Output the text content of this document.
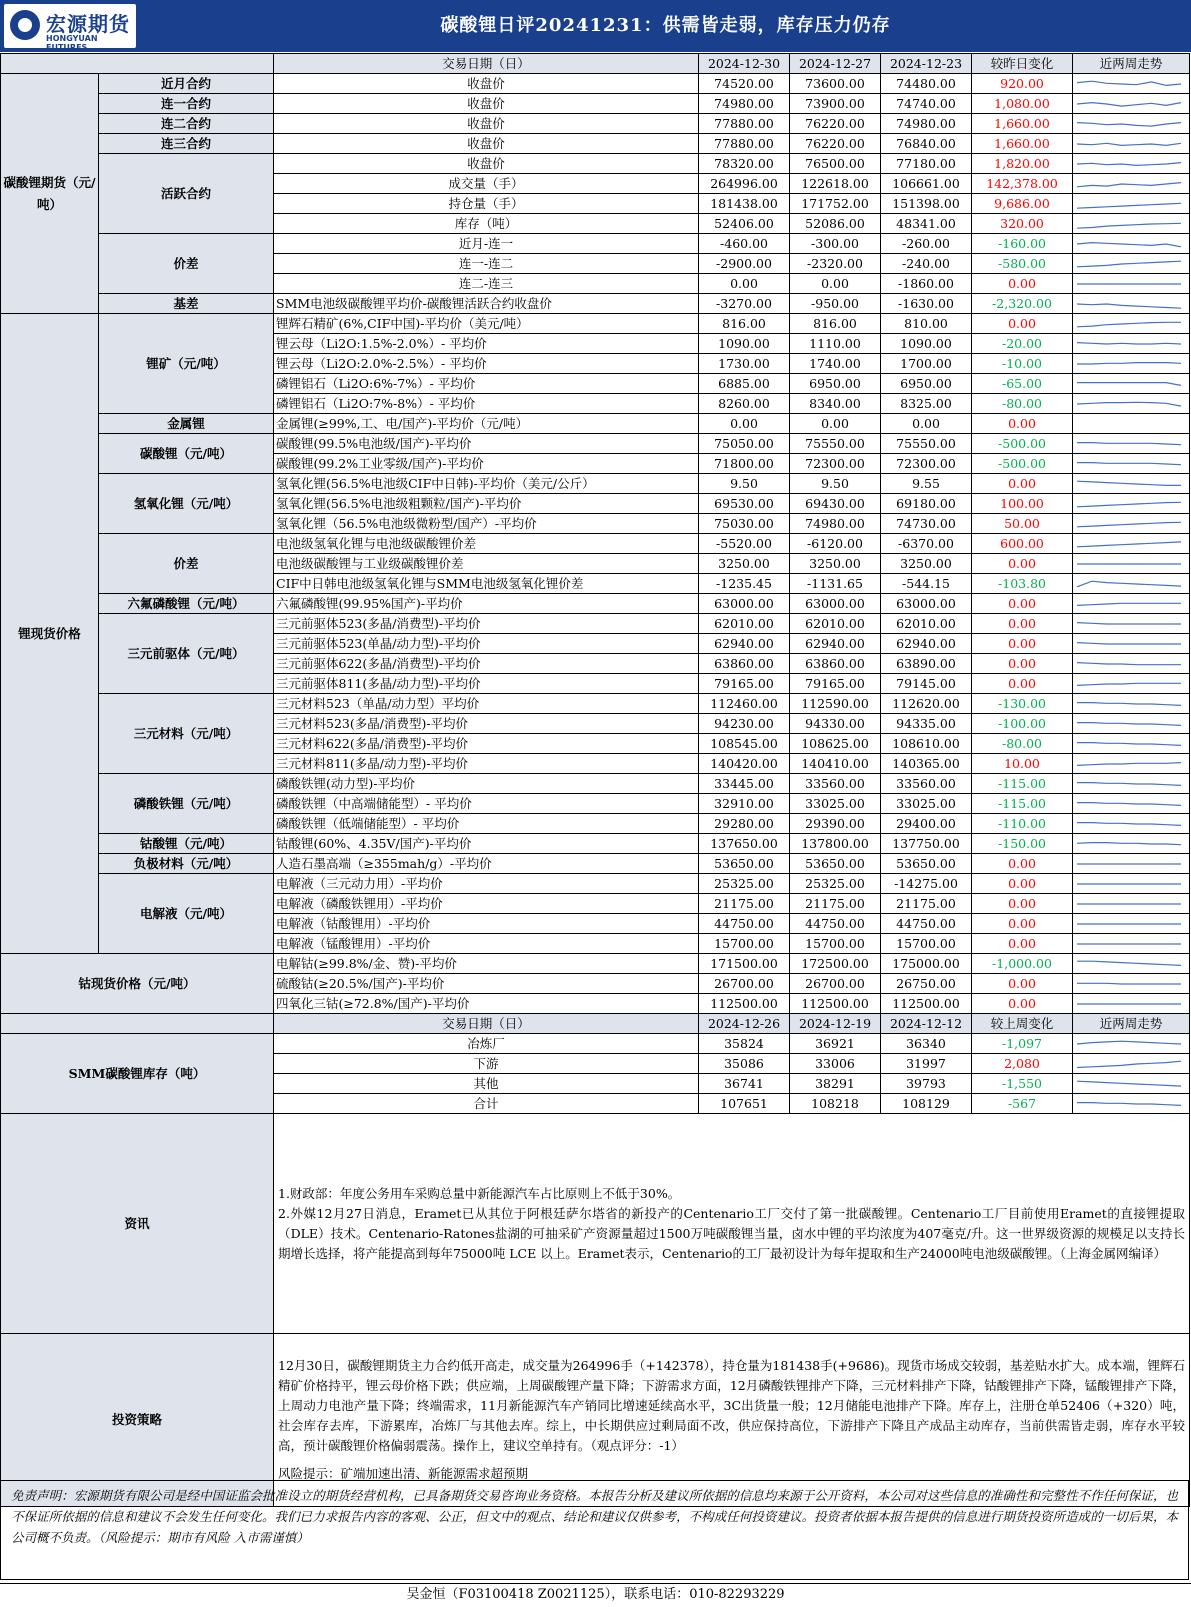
宏源期货
HONGYUAN FUTURES
碳酸锂日评20241231：供需皆走弱，库存压力仍存
		交易日期（日）	2024-12-30	2024-12-27	2024-12-23	较昨日变化	近两周走势
碳酸锂期货（元/吨）	近月合约	收盘价	74520.00	73600.00	74480.00	920.00	

	连一合约	收盘价	74980.00	73900.00	74740.00	1,080.00	

	连二合约	收盘价	77880.00	76220.00	74980.00	1,660.00	

	连三合约	收盘价	77880.00	76220.00	76840.00	1,660.00	

	活跃合约	收盘价	78320.00	76500.00	77180.00	1,820.00	

		成交量（手）	264996.00	122618.00	106661.00	142,378.00	

		持仓量（手）	181438.00	171752.00	151398.00	9,686.00	

		库存（吨）	52406.00	52086.00	48341.00	320.00	

	价差	近月-连一	-460.00	-300.00	-260.00	-160.00	

		连一-连二	-2900.00	-2320.00	-240.00	-580.00	

		连二-连三	0.00	0.00	-1860.00	0.00	

	基差	SMM电池级碳酸锂平均价-碳酸锂活跃合约收盘价	-3270.00	-950.00	-1630.00	-2,320.00	

锂现货价格	锂矿（元/吨）	锂辉石精矿(6%,CIF中国)-平均价（美元/吨）	816.00	816.00	810.00	0.00	

		锂云母（Li2O:1.5%-2.0%）- 平均价	1090.00	1110.00	1090.00	-20.00	

		锂云母（Li2O:2.0%-2.5%）- 平均价	1730.00	1740.00	1700.00	-10.00	

		磷锂铝石（Li2O:6%-7%）- 平均价	6885.00	6950.00	6950.00	-65.00	

		磷锂铝石（Li2O:7%-8%）- 平均价	8260.00	8340.00	8325.00	-80.00	

	金属锂	金属锂(≥99%,工、电/国产)-平均价（元/吨）	0.00	0.00	0.00	0.00	
	碳酸锂（元/吨）	碳酸锂(99.5%电池级/国产)-平均价	75050.00	75550.00	75550.00	-500.00	

		碳酸锂(99.2%工业零级/国产)-平均价	71800.00	72300.00	72300.00	-500.00	

	氢氧化锂（元/吨）	氢氧化锂(56.5%电池级CIF中日韩)-平均价（美元/公斤）	9.50	9.50	9.55	0.00	

		氢氧化锂(56.5%电池级粗颗粒/国产)-平均价	69530.00	69430.00	69180.00	100.00	

		氢氧化锂（56.5%电池级微粉型/国产）-平均价	75030.00	74980.00	74730.00	50.00	

	价差	电池级氢氧化锂与电池级碳酸锂价差	-5520.00	-6120.00	-6370.00	600.00	

		电池级碳酸锂与工业级碳酸锂价差	3250.00	3250.00	3250.00	0.00	

		CIF中日韩电池级氢氧化锂与SMM电池级氢氧化锂价差	-1235.45	-1131.65	-544.15	-103.80	

	六氟磷酸锂（元/吨）	六氟磷酸锂(99.95%国产)-平均价	63000.00	63000.00	63000.00	0.00	

	三元前驱体（元/吨）	三元前驱体523(多晶/消费型)-平均价	62010.00	62010.00	62010.00	0.00	

		三元前驱体523(单晶/动力型)-平均价	62940.00	62940.00	62940.00	0.00	

		三元前驱体622(多晶/消费型)-平均价	63860.00	63860.00	63890.00	0.00	

		三元前驱体811(多晶/动力型)-平均价	79165.00	79165.00	79145.00	0.00	

	三元材料（元/吨）	三元材料523（单晶/动力型）平均价	112460.00	112590.00	112620.00	-130.00	

		三元材料523(多晶/消费型)-平均价	94230.00	94330.00	94335.00	-100.00	

		三元材料622(多晶/消费型)-平均价	108545.00	108625.00	108610.00	-80.00	

		三元材料811(多晶/动力型)-平均价	140420.00	140410.00	140365.00	10.00	

	磷酸铁锂（元/吨）	磷酸铁锂(动力型)-平均价	33445.00	33560.00	33560.00	-115.00	

		磷酸铁锂（中高端储能型）- 平均价	32910.00	33025.00	33025.00	-115.00	

		磷酸铁锂（低端储能型）- 平均价	29280.00	29390.00	29400.00	-110.00	

	钴酸锂（元/吨）	钴酸锂(60%、4.35V/国产)-平均价	137650.00	137800.00	137750.00	-150.00	

	负极材料（元/吨）	人造石墨高端（≥355mah/g）-平均价	53650.00	53650.00	53650.00	0.00	

	电解液（元/吨）	电解液（三元动力用）-平均价	25325.00	25325.00	-14275.00	0.00	

		电解液（磷酸铁锂用）-平均价	21175.00	21175.00	21175.00	0.00	

		电解液（钴酸锂用）-平均价	44750.00	44750.00	44750.00	0.00	

		电解液（锰酸锂用）-平均价	15700.00	15700.00	15700.00	0.00	

钴现货价格（元/吨）		电解钴(≥99.8%/金、赞)-平均价	171500.00	172500.00	175000.00	-1,000.00	

		硫酸钴(≥20.5%/国产)-平均价	26700.00	26700.00	26750.00	0.00	

		四氧化三钴(≥72.8%/国产)-平均价	112500.00	112500.00	112500.00	0.00	

		交易日期（日）	2024-12-26	2024-12-19	2024-12-12	较上周变化	近两周走势
SMM碳酸锂库存（吨）		冶炼厂	35824	36921	36340	-1,097	

		下游	35086	33006	31997	2,080	

		其他	36741	38291	39793	-1,550	

		合计	107651	108218	108129	-567	

资讯		1.财政部：年度公务用车采购总量中新能源汽车占比原则上不低于30%。

2.外媒12月27日消息，Eramet已从其位于阿根廷萨尔塔省的新投产的Centenario工厂交付了第一批碳酸锂。Centenario工厂目前使用Eramet的直接锂提取（DLE）技术。Centenario-Ratones盐湖的可抽采矿产资源量超过1500万吨碳酸锂当量，卤水中锂的平均浓度为407毫克/升。这一世界级资源的规模足以支持长期增长选择，将产能提高到每年75000吨 LCE 以上。Eramet表示，Centenario的工厂最初设计为每年提取和生产24000吨电池级碳酸锂。（上海金属网编译）					

投资策略		12月30日，碳酸锂期货主力合约低开高走，成交量为264996手（+142378），持仓量为181438手(+9686)。现货市场成交较弱，基差贴水扩大。成本端，锂辉石精矿价格持平，锂云母价格下跌；供应端，上周碳酸锂产量下降；下游需求方面，12月磷酸铁锂排产下降，三元材料排产下降，钴酸锂排产下降，锰酸锂排产下降，上周动力电池产量下降；终端需求，11月新能源汽车产销同比增速延续高水平，3C出货量一般；12月储能电池排产下降。库存上，注册仓单52406（+320）吨，社会库存去库，下游累库，冶炼厂与其他去库。综上，中长期供应过剩局面不改，供应保持高位，下游排产下降且产成品主动库存，当前供需皆走弱，库存水平较高，预计碳酸锂价格偏弱震荡。操作上，建议空单持有。（观点评分：-1）

风险提示：矿端加速出清、新能源需求超预期					

免责声明：宏源期货有限公司是经中国证监会批准设立的期货经营机构，已具备期货交易咨询业务资格。本报告分析及建议所依据的信息均来源于公开资料，本公司对这些信息的准确性和完整性不作任何保证，也不保证所依据的信息和建议不会发生任何变化。我们已力求报告内容的客观、公正，但文中的观点、结论和建议仅供参考，不构成任何投资建议。投资者依据本报告提供的信息进行期货投资所造成的一切后果，本公司概不负责。（风险提示：期市有风险 入市需谨慎）
吴金恒（F03100418 Z0021125），联系电话：010-82293229
